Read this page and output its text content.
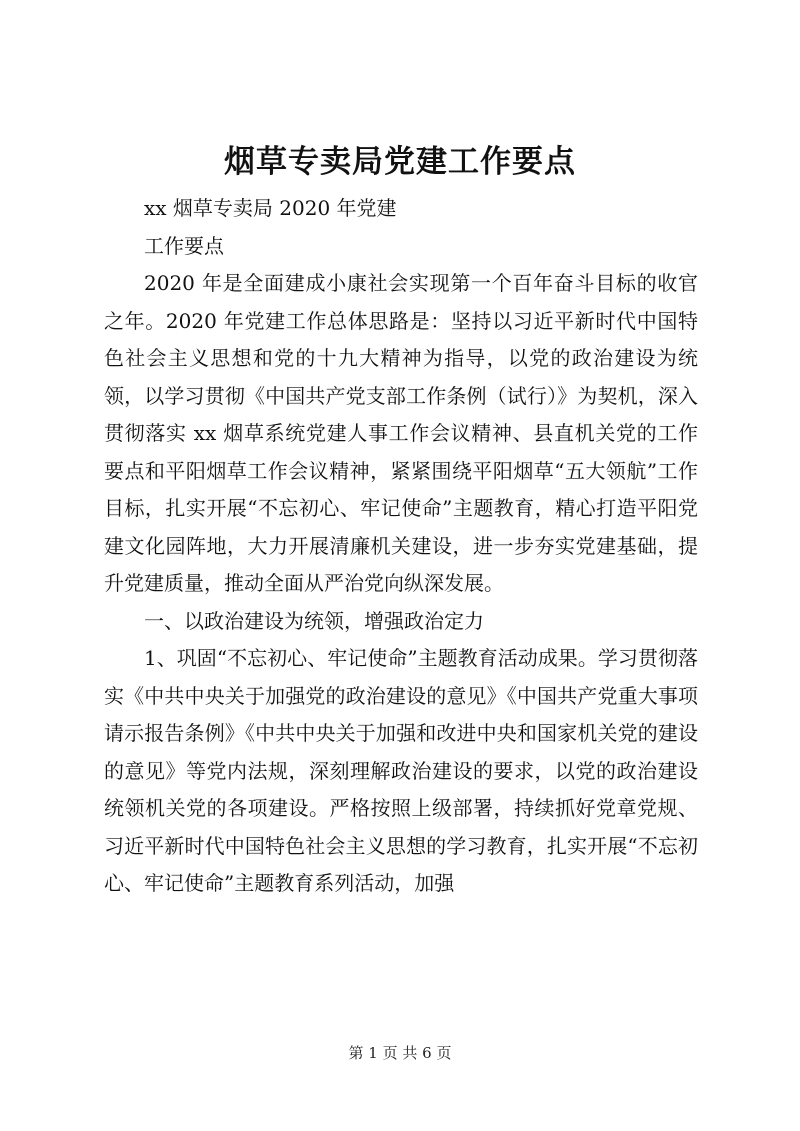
烟草专卖局党建工作要点

xx 烟草专卖局 2020 年党建

工作要点

2020 年是全面建成小康社会实现第一个百年奋斗目标的收官之年。2020 年党建工作总体思路是：坚持以习近平新时代中国特色社会主义思想和党的十九大精神为指导，以党的政治建设为统领，以学习贯彻《中国共产党支部工作条例（试行）》为契机，深入贯彻落实 xx 烟草系统党建人事工作会议精神、县直机关党的工作要点和平阳烟草工作会议精神，紧紧围绕平阳烟草“五大领航”工作目标，扎实开展“不忘初心、牢记使命”主题教育，精心打造平阳党建文化园阵地，大力开展清廉机关建设，进一步夯实党建基础，提升党建质量，推动全面从严治党向纵深发展。

一、以政治建设为统领，增强政治定力

1、巩固“不忘初心、牢记使命”主题教育活动成果。学习贯彻落实《中共中央关于加强党的政治建设的意见》《中国共产党重大事项请示报告条例》《中共中央关于加强和改进中央和国家机关党的建设的意见》等党内法规，深刻理解政治建设的要求，以党的政治建设统领机关党的各项建设。严格按照上级部署，持续抓好党章党规、习近平新时代中国特色社会主义思想的学习教育，扎实开展“不忘初心、牢记使命”主题教育系列活动，加强

第 1 页 共 6 页
